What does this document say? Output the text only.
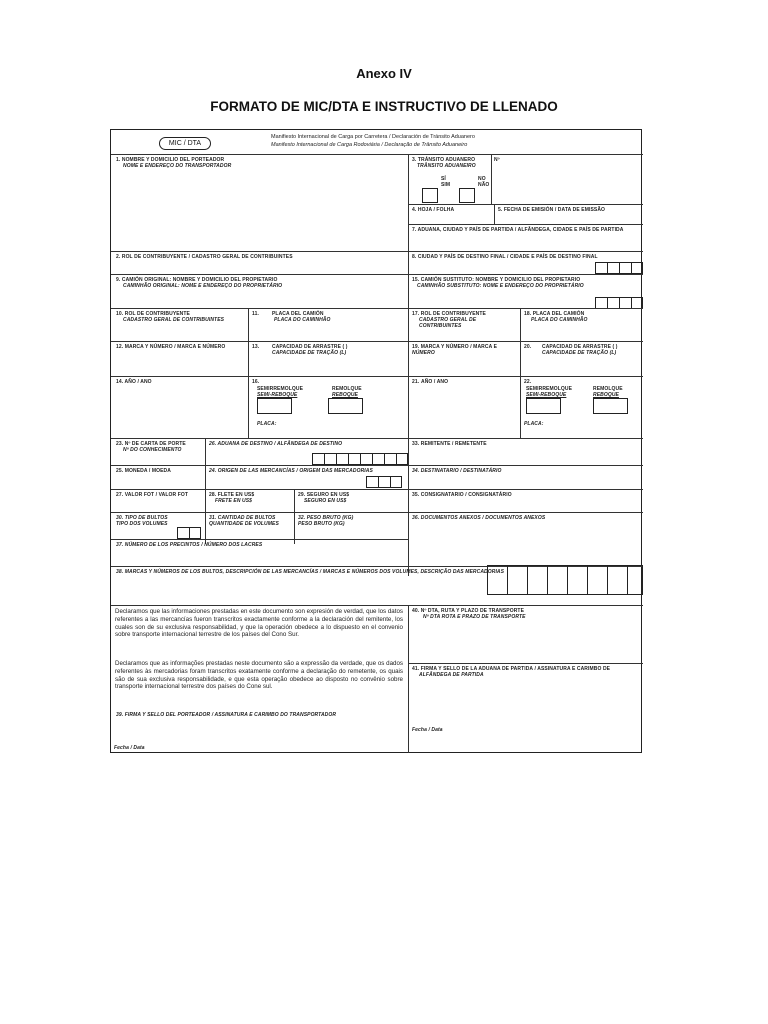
Anexo IV
FORMATO DE MIC/DTA E INSTRUCTIVO DE LLENADO
MIC / DTA
Manifiesto Internacional de Carga por Carretera / Declaración de Tránsito Aduanero
Manifesto Internacional de Carga Rodoviária / Declaração de Trânsito Aduaneiro
1. NOMBRE Y DOMICILIO DEL PORTEADOR
NOME E ENDEREÇO DO TRANSPORTADOR
3. TRÁNSITO ADUANERO
TRÂNSITO ADUANEIRO
Nº
SÍ
SIM
NO
NÃO
4. HOJA / FOLHA	5. FECHA DE EMISIÓN / DATA DE EMISSÃO
7. ADUANA, CIUDAD Y PAÍS DE PARTIDA / ALFÂNDEGA, CIDADE E PAÍS DE PARTIDA
2. ROL DE CONTRIBUYENTE / CADASTRO GERAL DE CONTRIBUINTES	8. CIUDAD Y PAÍS DE DESTINO FINAL / CIDADE E PAÍS DE DESTINO FINAL
9. CAMIÓN ORIGINAL: NOMBRE Y DOMICILIO DEL PROPIETARIO
CAMINHÃO ORIGINAL: NOME E ENDEREÇO DO PROPRIETÁRIO
15. CAMIÓN SUSTITUTO: NOMBRE Y DOMICILIO DEL PROPIETARIO
CAMINHÃO SUBSTITUTO: NOME E ENDEREÇO DO PROPRIETÁRIO
10. ROL DE CONTRIBUYENTE
CADASTRO GERAL DE CONTRIBUINTES
11.	PLACA DEL CAMIÓN
PLACA DO CAMINHÃO
17. ROL DE CONTRIBUYENTE
CADASTRO GERAL DE
CONTRIBUINTES
18. PLACA DEL CAMIÓN
PLACA DO CAMINHÃO
12. MARCA Y NÚMERO / MARCA E NÚMERO	13.	CAPACIDAD DE ARRASTRE ( )
CAPACIDADE DE TRAÇÃO (L)
19. MARCA Y NÚMERO / MARCA E
NÚMERO
20. CAPACIDAD DE ARRASTRE ( )
CAPACIDADE DE TRAÇÃO (L)
14. AÑO / ANO	16.
SEMIRREMOLQUE
SEMI-REBOQUE
REMOLQUE
REBOQUE
PLACA:
21. AÑO / ANO	22.
SEMIRREMOLQUE
SEMI-REBOQUE
REMOLQUE
REBOQUE
PLACA:
23. Nº DE CARTA DE PORTE
Nº DO CONHECIMENTO
26. ADUANA DE DESTINO / ALFÂNDEGA DE DESTINO	33. REMITENTE / REMETENTE
25. MONEDA / MOEDA	24. ORIGEN DE LAS MERCANCÍAS / ORIGEM DAS MERCADORIAS	34. DESTINATARIO / DESTINATÁRIO
27. VALOR FOT / VALOR FOT	28. FLETE EN US$
FRETE EN US$
29. SEGURO EN US$
SEGURO EN US$
35. CONSIGNATARIO / CONSIGNATÁRIO
30. TIPO DE BULTOS
TIPO DOS VOLUMES
31. CANTIDAD DE BULTOS
QUANTIDADE DE VOLUMES
32. PESO BRUTO (KG)
PESO BRUTO (KG)
36. DOCUMENTOS ANEXOS / DOCUMENTOS ANEXOS
37. NÚMERO DE LOS PRECINTOS / NÚMERO DOS LACRES
38. MARCAS Y NÚMEROS DE LOS BULTOS, DESCRIPCIÓN DE LAS MERCANCÍAS / MARCAS E NÚMEROS DOS VOLUMES, DESCRIÇÃO DAS MERCADORIAS
Declaramos que las informaciones prestadas en este documento son expresión de verdad, que los datos referentes a las mercancías fueron transcritos exactamente conforme a la declaración del remitente, los cuales son de su exclusiva responsabilidad, y que la operación obedece a lo dispuesto en el convenio sobre transporte internacional terrestre de los países del Cono Sur.
Declaramos que as informações prestadas neste documento são a expressão da verdade, que os dados referentes às mercadorias foram transcritos exatamente conforme a declaração do remetente, os quais são de sua exclusiva responsabilidade, e que esta operação obedece ao disposto no convênio sobre transporte internacional terrestre dos países do Cone sul.
39. FIRMA Y SELLO DEL PORTEADOR / ASSINATURA E CARIMBO DO TRANSPORTADOR
Fecha / Data
40. Nº DTA, RUTA Y PLAZO DE TRANSPORTE
Nº DTA ROTA E PRAZO DE TRANSPORTE
41. FIRMA Y SELLO DE LA ADUANA DE PARTIDA / ASSINATURA E CARIMBO DE
ALFÂNDEGA DE PARTIDA
Fecha / Data
